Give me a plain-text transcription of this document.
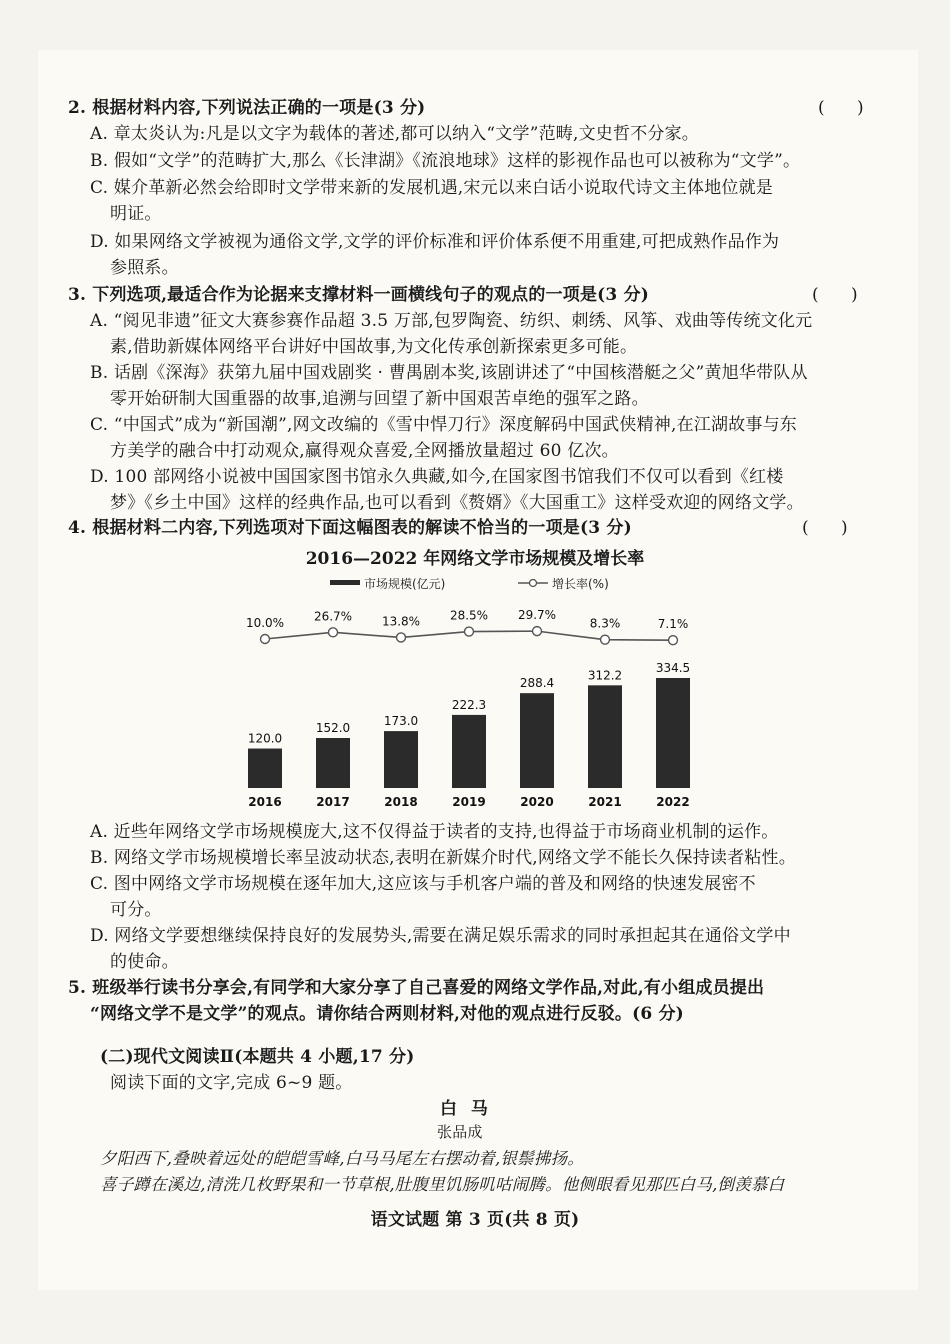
2. 根据材料内容,下列说法正确的一项是(3 分)	(      )
A. 章太炎认为:凡是以文字为载体的著述,都可以纳入“文学”范畴,文史哲不分家。
B. 假如“文学”的范畴扩大,那么《长津湖》《流浪地球》这样的影视作品也可以被称为“文学”。
C. 媒介革新必然会给即时文学带来新的发展机遇,宋元以来白话小说取代诗文主体地位就是
明证。
D. 如果网络文学被视为通俗文学,文学的评价标准和评价体系便不用重建,可把成熟作品作为
参照系。
3. 下列选项,最适合作为论据来支撑材料一画横线句子的观点的一项是(3 分)	(      )
A. “阅见非遗”征文大赛参赛作品超 3.5 万部,包罗陶瓷、纺织、刺绣、风筝、戏曲等传统文化元
素,借助新媒体网络平台讲好中国故事,为文化传承创新探索更多可能。
B. 话剧《深海》获第九届中国戏剧奖 · 曹禺剧本奖,该剧讲述了“中国核潜艇之父”黄旭华带队从
零开始研制大国重器的故事,追溯与回望了新中国艰苦卓绝的强军之路。
C. “中国式”成为“新国潮”,网文改编的《雪中悍刀行》深度解码中国武侠精神,在江湖故事与东
方美学的融合中打动观众,赢得观众喜爱,全网播放量超过 60 亿次。
D. 100 部网络小说被中国国家图书馆永久典藏,如今,在国家图书馆我们不仅可以看到《红楼
梦》《乡土中国》这样的经典作品,也可以看到《赘婿》《大国重工》这样受欢迎的网络文学。
4. 根据材料二内容,下列选项对下面这幅图表的解读不恰当的一项是(3 分)	(      )
2016—2022 年网络文学市场规模及增长率
市场规模(亿元)	增长率(%)
120.0
152.0	173.0
222.3
288.4
312.2
334.5
10.0% 26.7% 13.8% 28.5% 29.7%
8.3%	7.1%
2016	2017	2018	2019	2020	2021	2022
A. 近些年网络文学市场规模庞大,这不仅得益于读者的支持,也得益于市场商业机制的运作。
B. 网络文学市场规模增长率呈波动状态,表明在新媒介时代,网络文学不能长久保持读者粘性。
C. 图中网络文学市场规模在逐年加大,这应该与手机客户端的普及和网络的快速发展密不
可分。
D. 网络文学要想继续保持良好的发展势头,需要在满足娱乐需求的同时承担起其在通俗文学中
的使命。
5. 班级举行读书分享会,有同学和大家分享了自己喜爱的网络文学作品,对此,有小组成员提出
“网络文学不是文学”的观点。请你结合两则材料,对他的观点进行反驳。(6 分)
(二)现代文阅读Ⅱ(本题共 4 小题,17 分)
阅读下面的文字,完成 6~9 题。
白 马
张品成
夕阳西下,叠映着远处的皑皑雪峰,白马马尾左右摆动着,银鬃拂扬。
喜子蹲在溪边,清洗几枚野果和一节草根,肚腹里饥肠叽咕闹腾。他侧眼看见那匹白马,倒羡慕白
语文试题 第 3 页(共 8 页)
